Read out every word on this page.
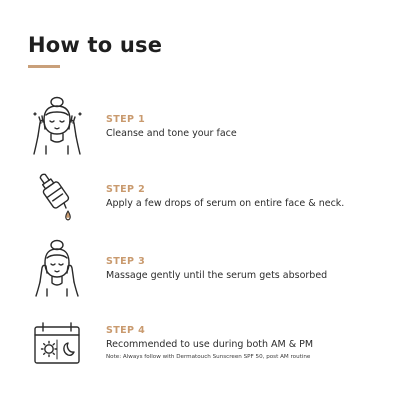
How to use
STEP 1
Cleanse and tone your face
STEP 2
Apply a few drops of serum on entire face & neck.
STEP 3
Massage gently until the serum gets absorbed
STEP 4
Recommended to use during both AM & PM
Note: Always follow with Dermatouch Sunscreen SPF 50, post AM routine
